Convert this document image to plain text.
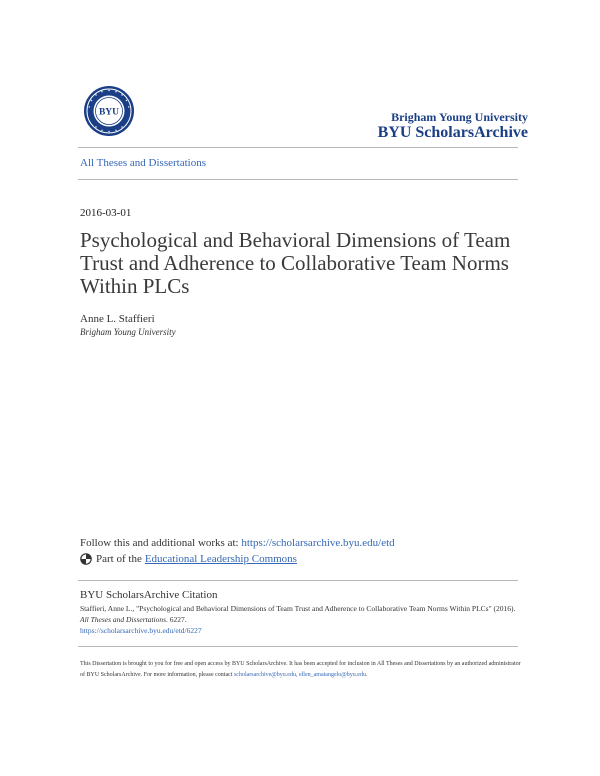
BYU	Brigham Young University
BYU ScholarsArchive
All Theses and Dissertations
2016-03-01
Psychological and Behavioral Dimensions of Team Trust and Adherence to Collaborative Team Norms Within PLCs
Anne L. Staffieri
Brigham Young University
Follow this and additional works at: https://scholarsarchive.byu.edu/etd
Part of the Educational Leadership Commons
BYU ScholarsArchive Citation
Staffieri, Anne L., "Psychological and Behavioral Dimensions of Team Trust and Adherence to Collaborative Team Norms Within PLCs" (2016). All Theses and Dissertations. 6227.
https://scholarsarchive.byu.edu/etd/6227
This Dissertation is brought to you for free and open access by BYU ScholarsArchive. It has been accepted for inclusion in All Theses and Dissertations by an authorized administrator of BYU ScholarsArchive. For more information, please contact scholarsarchive@byu.edu, ellen_amatangelo@byu.edu.
